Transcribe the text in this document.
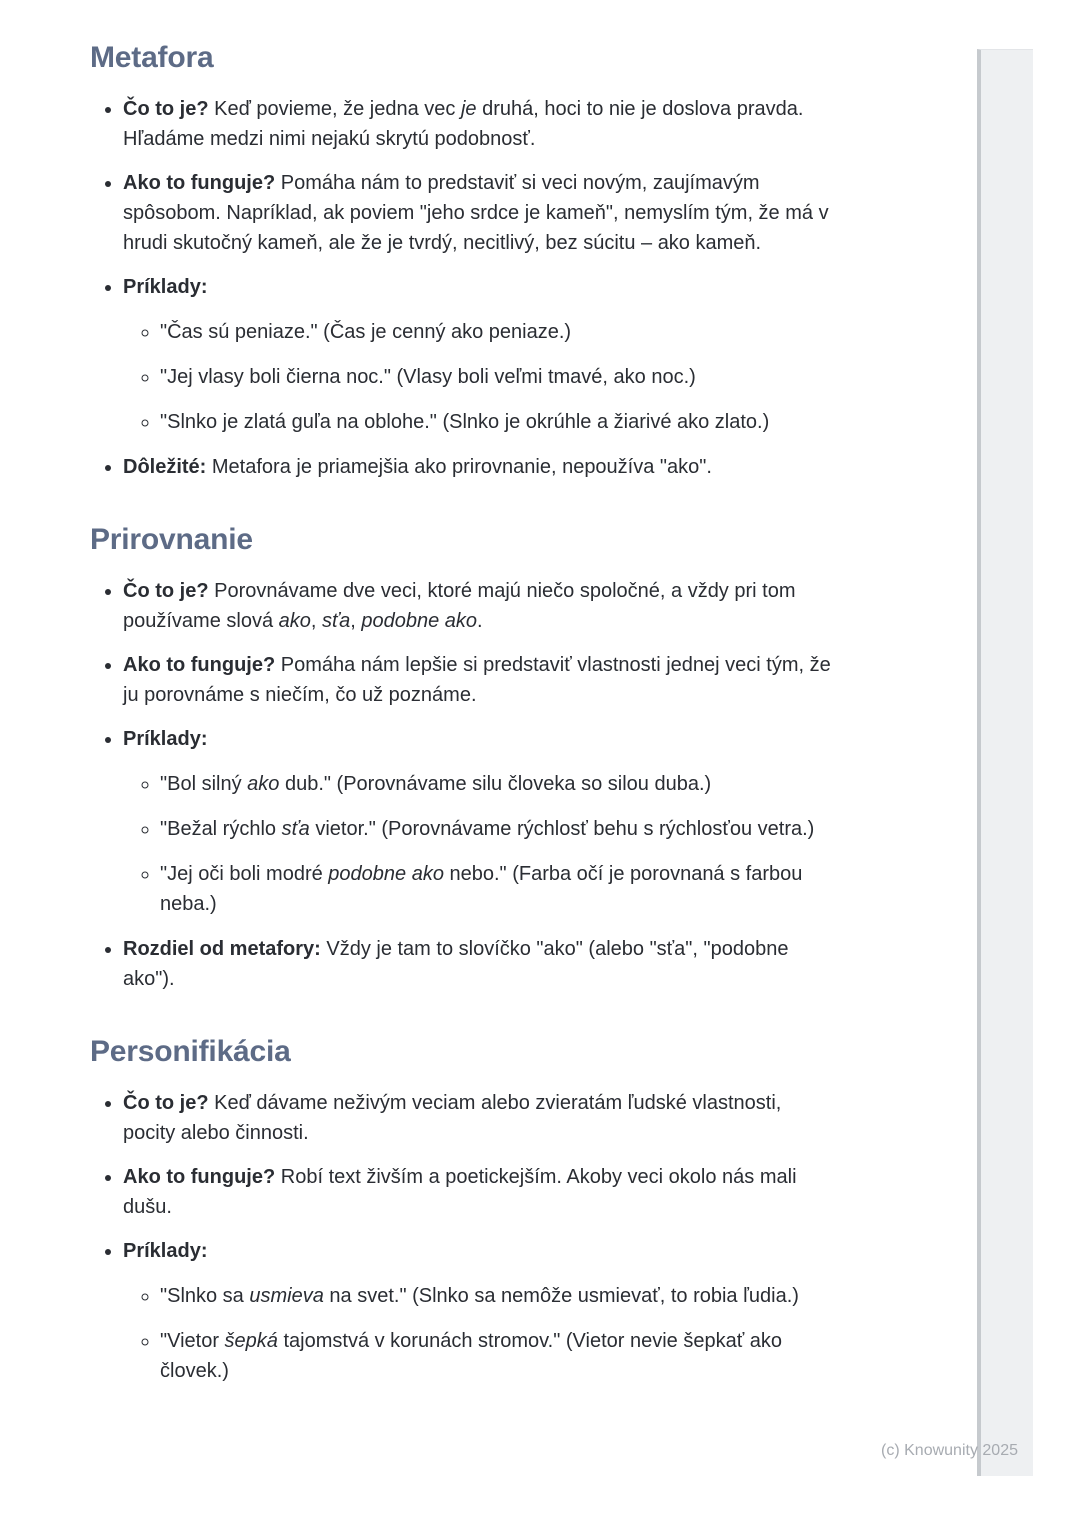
Metafora
• Čo to je? Keď povieme, že jedna vec je druhá, hoci to nie je doslova pravda. Hľadáme medzi nimi nejakú skrytú podobnosť.
• Ako to funguje? Pomáha nám to predstaviť si veci novým, zaujímavým spôsobom. Napríklad, ak poviem "jeho srdce je kameň", nemyslím tým, že má v hrudi skutočný kameň, ale že je tvrdý, necitlivý, bez súcitu – ako kameň.
• Príklady:
◦ "Čas sú peniaze." (Čas je cenný ako peniaze.)
◦ "Jej vlasy boli čierna noc." (Vlasy boli veľmi tmavé, ako noc.)
◦ "Slnko je zlatá guľa na oblohe." (Slnko je okrúhle a žiarivé ako zlato.)
• Dôležité: Metafora je priamejšia ako prirovnanie, nepoužíva "ako".
Prirovnanie
• Čo to je? Porovnávame dve veci, ktoré majú niečo spoločné, a vždy pri tom používame slová ako, sťa, podobne ako.
• Ako to funguje? Pomáha nám lepšie si predstaviť vlastnosti jednej veci tým, že ju porovnáme s niečím, čo už poznáme.
• Príklady:
◦ "Bol silný ako dub." (Porovnávame silu človeka so silou duba.)
◦ "Bežal rýchlo sťa vietor." (Porovnávame rýchlosť behu s rýchlosťou vetra.)
◦ "Jej oči boli modré podobne ako nebo." (Farba očí je porovnaná s farbou neba.)
• Rozdiel od metafory: Vždy je tam to slovíčko "ako" (alebo "sťa", "podobne ako").
Personifikácia
• Čo to je? Keď dávame neživým veciam alebo zvieratám ľudské vlastnosti, pocity alebo činnosti.
• Ako to funguje? Robí text živším a poetickejším. Akoby veci okolo nás mali dušu.
• Príklady:
◦ "Slnko sa usmieva na svet." (Slnko sa nemôže usmievať, to robia ľudia.)
◦ "Vietor šepká tajomstvá v korunách stromov." (Vietor nevie šepkať ako človek.)
(c) Knowunity 2025
